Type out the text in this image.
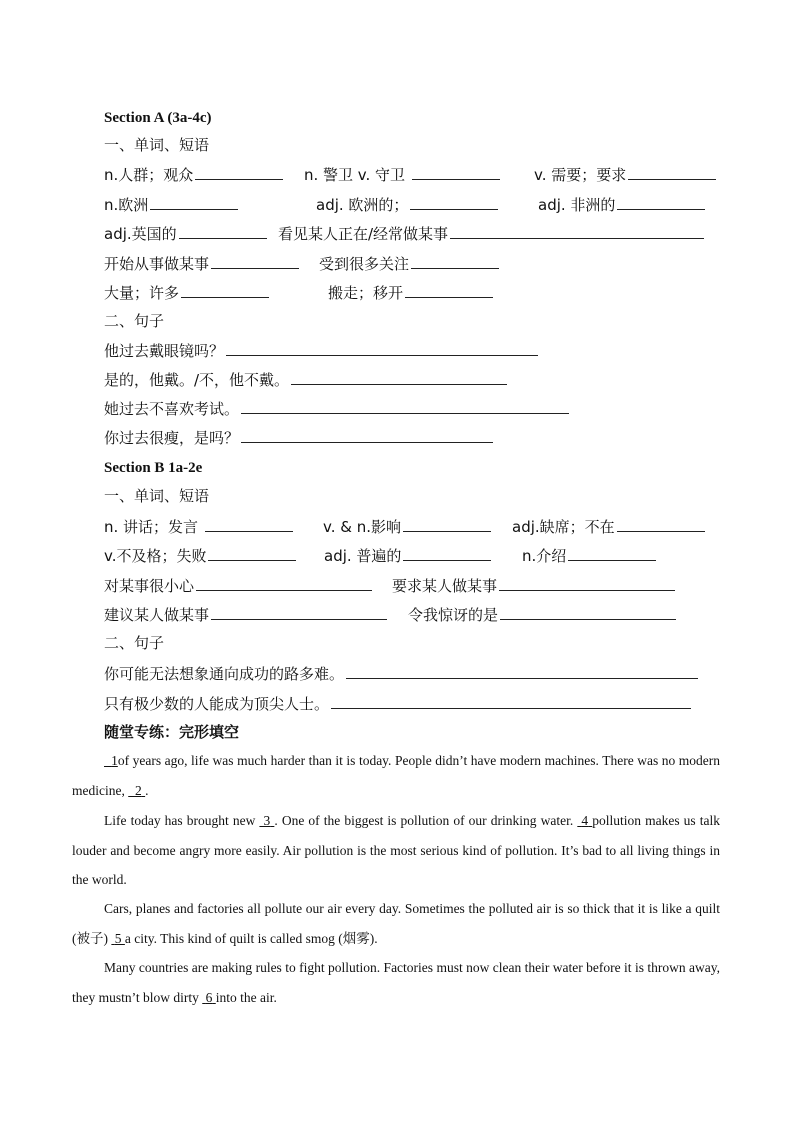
Section A (3a-4c)
一、单词、短语
n.人群；观众	n. 警卫 v. 守卫	v. 需要；要求
n.欧洲	adj. 欧洲的；	adj. 非洲的
adj.英国的	看见某人正在/经常做某事
开始从事做某事	受到很多关注
大量；许多	搬走；移开
二、句子
他过去戴眼镜吗？
是的，他戴。/不，他不戴。
她过去不喜欢考试。
你过去很瘦，是吗？
Section B 1a-2e
一、单词、短语
n. 讲话；发言	v. & n.影响	adj.缺席；不在
v.不及格；失败	adj. 普遍的	n.介绍
对某事很小心	要求某人做某事
建议某人做某事	令我惊讶的是
二、句子
你可能无法想象通向成功的路多难。
只有极少数的人能成为顶尖人士。
随堂专练：完形填空
1of years ago, life was much harder than it is today. People didn’t have modern machines. There was no modern medicine, 2 .
Life today has brought new 3 . One of the biggest is pollution of our drinking water. 4 pollution makes us talk louder and become angry more easily. Air pollution is the most serious kind of pollution. It’s bad to all living things in the world.
Cars, planes and factories all pollute our air every day. Sometimes the polluted air is so thick that it is like a quilt (被子) 5 a city. This kind of quilt is called smog (烟雾).
Many countries are making rules to fight pollution. Factories must now clean their water before it is thrown away, they mustn’t blow dirty 6 into the air.
